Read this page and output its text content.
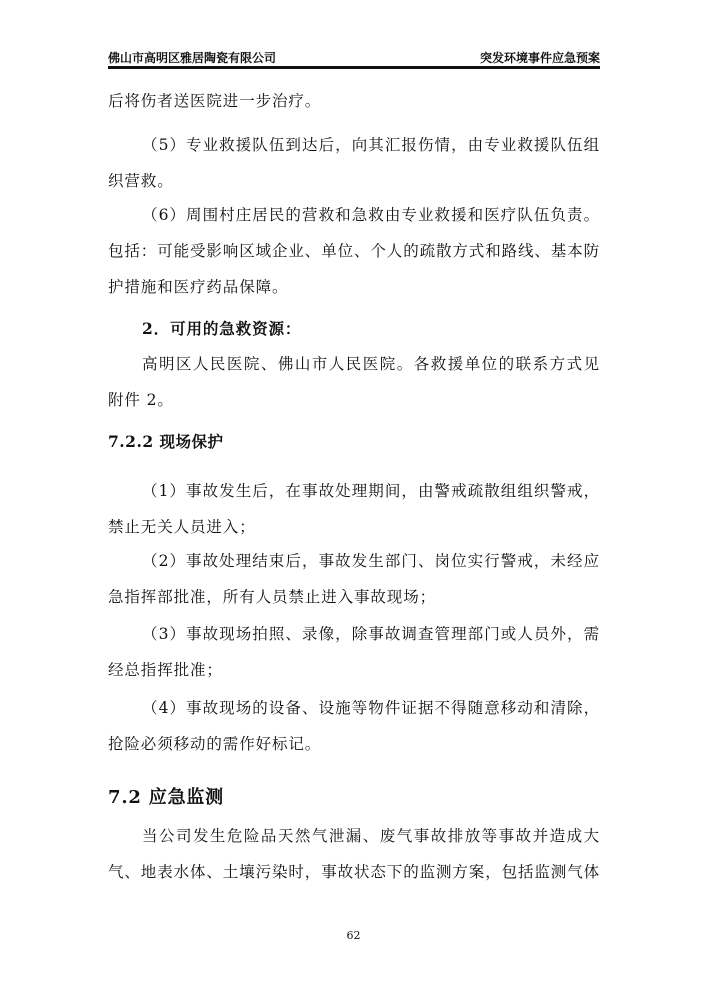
佛山市高明区雅居陶瓷有限公司	突发环境事件应急预案

后将伤者送医院进一步治疗。

（5）专业救援队伍到达后，向其汇报伤情，由专业救援队伍组织营救。

（6）周围村庄居民的营救和急救由专业救援和医疗队伍负责。包括：可能受影响区域企业、单位、个人的疏散方式和路线、基本防护措施和医疗药品保障。

2．可用的急救资源：

高明区人民医院、佛山市人民医院。各救援单位的联系方式见附件 2。

7.2.2 现场保护

（1）事故发生后，在事故处理期间，由警戒疏散组组织警戒，禁止无关人员进入；

（2）事故处理结束后，事故发生部门、岗位实行警戒，未经应急指挥部批准，所有人员禁止进入事故现场；

（3）事故现场拍照、录像，除事故调查管理部门或人员外，需经总指挥批准；

（4）事故现场的设备、设施等物件证据不得随意移动和清除，抢险必须移动的需作好标记。

7.2 应急监测

当公司发生危险品天然气泄漏、废气事故排放等事故并造成大气、地表水体、土壤污染时，事故状态下的监测方案，包括监测气体

62
